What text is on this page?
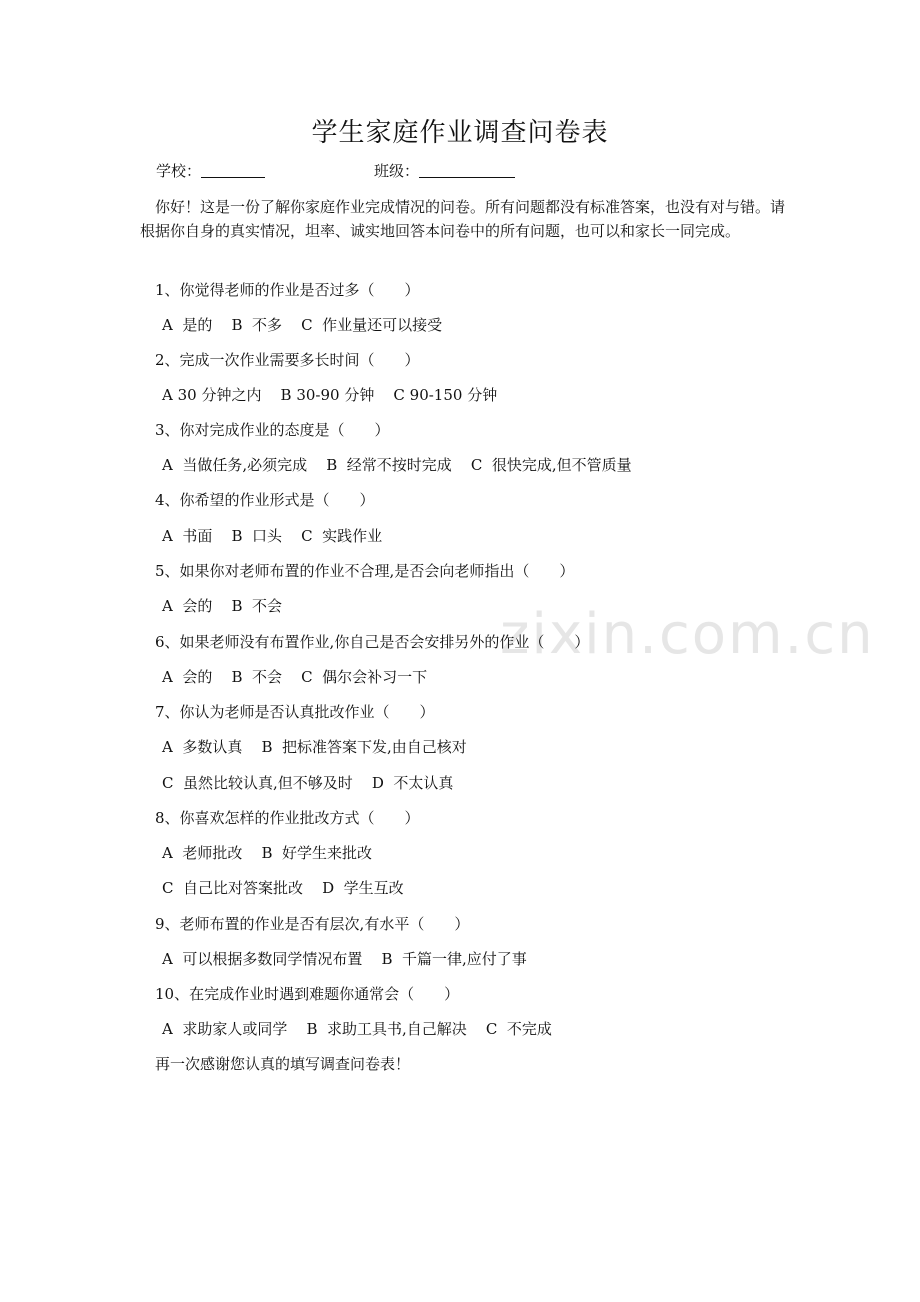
zixin.com.cn
学生家庭作业调查问卷表
学校：	班级：

你好！这是一份了解你家庭作业完成情况的问卷。所有问题都没有标准答案，也没有对与错。请根据你自身的真实情况，坦率、诚实地回答本问卷中的所有问题，也可以和家长一同完成。

1、你觉得老师的作业是否过多（　　）
A  是的    B  不多    C  作业量还可以接受
2、完成一次作业需要多长时间（　　）
A 30 分钟之内    B 30-90 分钟    C 90-150 分钟
3、你对完成作业的态度是（　　）
A  当做任务,必须完成    B  经常不按时完成    C  很快完成,但不管质量
4、你希望的作业形式是（　　）
A  书面    B  口头    C  实践作业
5、如果你对老师布置的作业不合理,是否会向老师指出（　　）
A  会的    B  不会
6、如果老师没有布置作业,你自己是否会安排另外的作业（　　）
A  会的    B  不会    C  偶尔会补习一下
7、你认为老师是否认真批改作业（　　）
A  多数认真    B  把标准答案下发,由自己核对
C  虽然比较认真,但不够及时    D  不太认真
8、你喜欢怎样的作业批改方式（　　）
A  老师批改    B  好学生来批改
C  自己比对答案批改    D  学生互改
9、老师布置的作业是否有层次,有水平（　　）
A  可以根据多数同学情况布置    B  千篇一律,应付了事
10、在完成作业时遇到难题你通常会（　　）
A  求助家人或同学    B  求助工具书,自己解决    C  不完成
再一次感谢您认真的填写调查问卷表！
